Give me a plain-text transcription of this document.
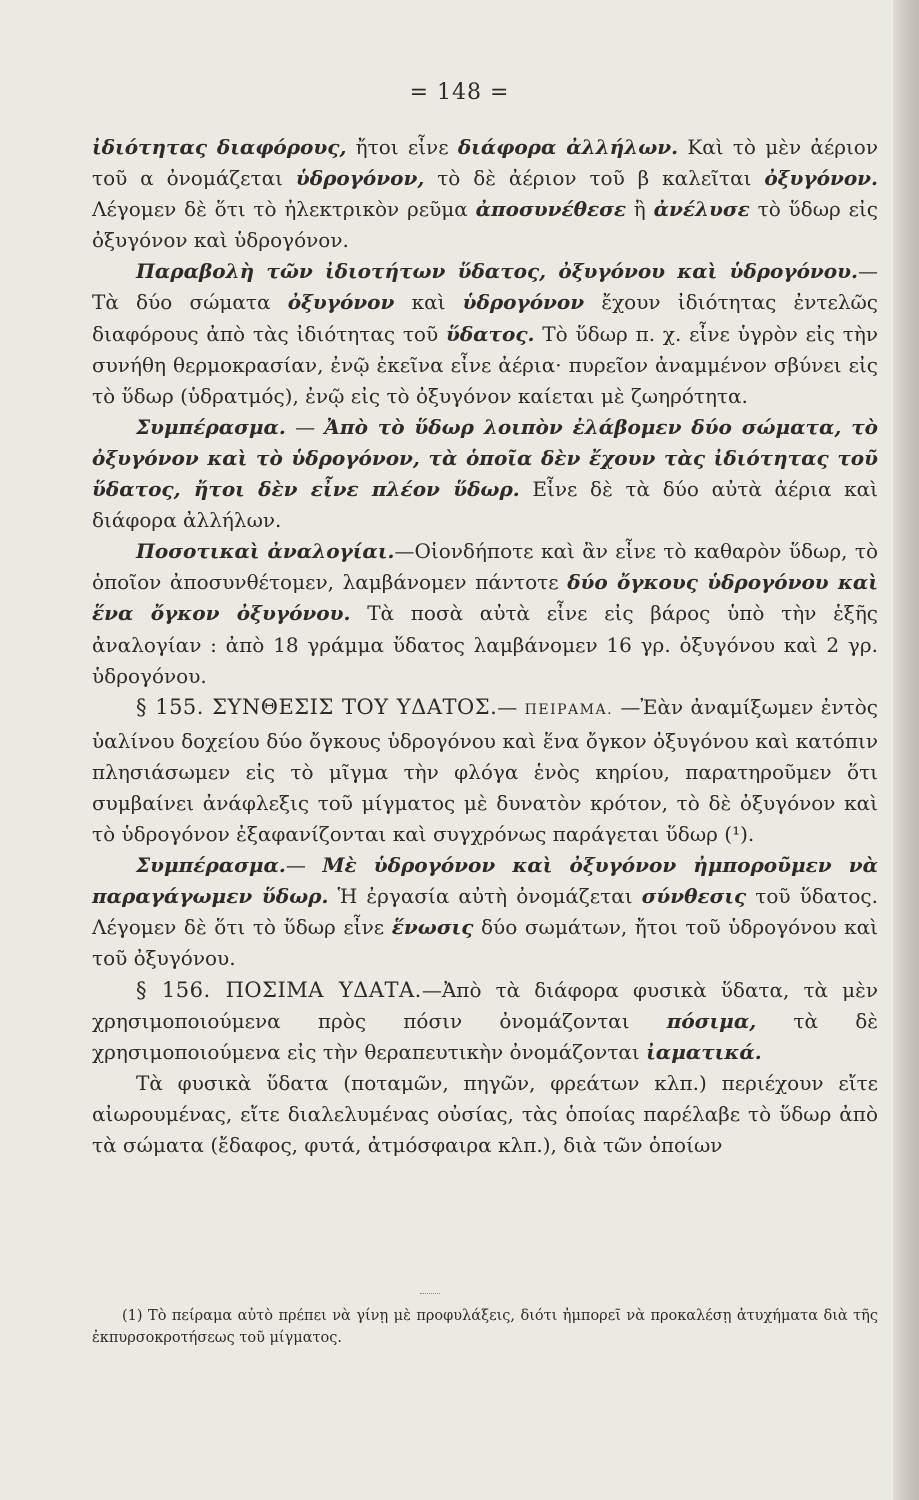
= 148 =

ἰδιότητας διαφόρους, ἤτοι εἶνε διάφορα ἀλλήλων. Καὶ τὸ μὲν ἀέριον τοῦ α ὀνομάζεται ὑδρογόνον, τὸ δὲ ἀέριον τοῦ β καλεῖται ὀξυγόνον. Λέγομεν δὲ ὅτι τὸ ἠλεκτρικὸν ρεῦμα ἀποσυνέθεσε ἢ ἀνέλυσε τὸ ὕδωρ εἰς ὀξυγόνον καὶ ὑδρογόνον.

Παραβολὴ τῶν ἰδιοτήτων ὕδατος, ὀξυγόνου καὶ ὑδρογόνου.— Τὰ δύο σώματα ὀξυγόνον καὶ ὑδρογόνον ἔχουν ἰδιότητας ἐντελῶς διαφόρους ἀπὸ τὰς ἰδιότητας τοῦ ὕδατος. Τὸ ὕδωρ π. χ. εἶνε ὑγρὸν εἰς τὴν συνήθη θερμοκρασίαν, ἐνῷ ἐκεῖνα εἶνε ἀέρια· πυρεῖον ἀναμμένον σβύνει εἰς τὸ ὕδωρ (ὑδρατμός), ἐνῷ εἰς τὸ ὀξυγόνον καίεται μὲ ζωηρότητα.

Συμπέρασμα. — Ἀπὸ τὸ ὕδωρ λοιπὸν ἐλάβομεν δύο σώματα, τὸ ὀξυγόνον καὶ τὸ ὑδρογόνον, τὰ ὁποῖα δὲν ἔχουν τὰς ἰδιότητας τοῦ ὕδατος, ἤτοι δὲν εἶνε πλέον ὕδωρ. Εἶνε δὲ τὰ δύο αὐτὰ ἀέρια καὶ διάφορα ἀλλήλων.

Ποσοτικαὶ ἀναλογίαι.—Οἱονδήποτε καὶ ἂν εἶνε τὸ καθαρὸν ὕδωρ, τὸ ὁποῖον ἀποσυνθέτομεν, λαμβάνομεν πάντοτε δύο ὄγκους ὑδρογόνου καὶ ἕνα ὄγκον ὀξυγόνου. Τὰ ποσὰ αὐτὰ εἶνε εἰς βάρος ὑπὸ τὴν ἑξῆς ἀναλογίαν : ἀπὸ 18 γράμμα ὕδατος λαμβάνομεν 16 γρ. ὀξυγόνου καὶ 2 γρ. ὑδρογόνου.

§ 155. ΣΥΝΘΕΣΙΣ ΤΟΥ ΥΔΑΤΟΣ.— ΠΕΙΡΑΜΑ. —Ἐὰν ἀναμίξωμεν ἐντὸς ὑαλίνου δοχείου δύο ὄγκους ὑδρογόνου καὶ ἕνα ὄγκον ὀξυγόνου καὶ κατόπιν πλησιάσωμεν εἰς τὸ μῖγμα τὴν φλόγα ἑνὸς κηρίου, παρατηροῦμεν ὅτι συμβαίνει ἀνάφλεξις τοῦ μίγματος μὲ δυνατὸν κρότον, τὸ δὲ ὀξυγόνον καὶ τὸ ὑδρογόνον ἐξαφανίζονται καὶ συγχρόνως παράγεται ὕδωρ (¹).

Συμπέρασμα.— Μὲ ὑδρογόνον καὶ ὀξυγόνον ἠμποροῦμεν νὰ παραγάγωμεν ὕδωρ. Ἡ ἐργασία αὐτὴ ὀνομάζεται σύνθεσις τοῦ ὕδατος. Λέγομεν δὲ ὅτι τὸ ὕδωρ εἶνε ἕνωσις δύο σωμάτων, ἤτοι τοῦ ὑδρογόνου καὶ τοῦ ὀξυγόνου.

§ 156. ΠΟΣΙΜΑ ΥΔΑΤΑ.—Ἀπὸ τὰ διάφορα φυσικὰ ὕδατα, τὰ μὲν χρησιμοποιούμενα πρὸς πόσιν ὀνομάζονται πόσιμα, τὰ δὲ χρησιμοποιούμενα εἰς τὴν θεραπευτικὴν ὀνομάζονται ἰαματικά.

Τὰ φυσικὰ ὕδατα (ποταμῶν, πηγῶν, φρεάτων κλπ.) περιέχουν εἴτε αἰωρουμένας, εἴτε διαλελυμένας οὐσίας, τὰς ὁποίας παρέλαβε τὸ ὕδωρ ἀπὸ τὰ σώματα (ἔδαφος, φυτά, ἀτμόσφαιρα κλπ.), διὰ τῶν ὁποίων

(1) Τὸ πείραμα αὐτὸ πρέπει νὰ γίνῃ μὲ προφυλάξεις, διότι ἠμπορεῖ νὰ προκαλέσῃ ἀτυχήματα διὰ τῆς ἐκπυρσοκροτήσεως τοῦ μίγματος.
